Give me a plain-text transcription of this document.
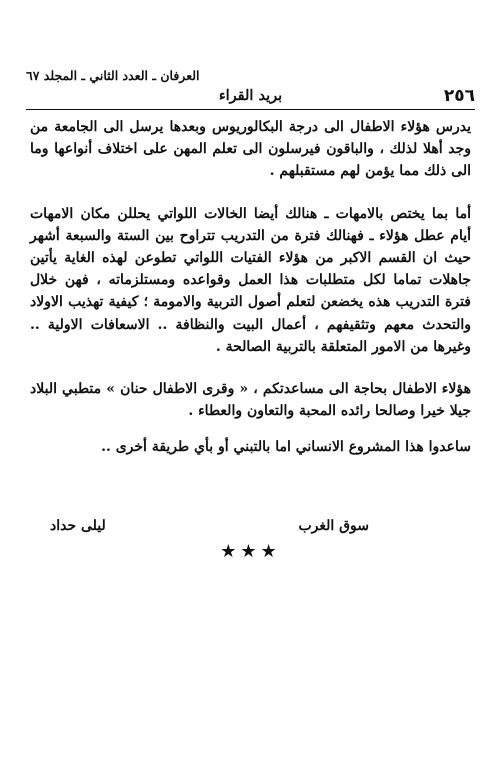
العرفان ـ العدد الثاني ـ المجلد ٦٧
٢٥٦
بريد القراء

يدرس هؤلاء الاطفال الى درجة البكالوريوس وبعدها يرسل الى الجامعة من وجد أهلا لذلك ، والباقون فيرسلون الى تعلم المهن على اختلاف أنواعها وما الى ذلك مما يؤمن لهم مستقبلهم .

أما بما يختص بالامهات ـ هنالك أيضا الخالات اللواتي يحللن مكان الامهات أيام عطل هؤلاء ـ فهنالك فترة من التدريب تتراوح بين الستة والسبعة أشهر حيث ان القسم الاكبر من هؤلاء الفتيات اللواتي تطوعن لهذه الغاية يأتين جاهلات تماما لكل متطلبات هذا العمل وقواعده ومستلزماته ، فهن خلال فترة التدريب هذه يخضعن لتعلم أصول التربية والامومة ؛ كيفية تهذيب الاولاد والتحدث معهم وتثقيفهم ، أعمال البيت والنظافة .. الاسعافات الاولية .. وغيرها من الامور المتعلقة بالتربية الصالحة .

هؤلاء الاطفال بحاجة الى مساعدتكم ، « وقرى الاطفال حنان » متطبي البلاد جيلا خيرا وصالحا رائده المحبة والتعاون والعطاء .

ساعدوا هذا المشروع الانساني اما بالتبني أو بأي طريقة أخرى ..

سوق الغرب
ليلى حداد
★★★
